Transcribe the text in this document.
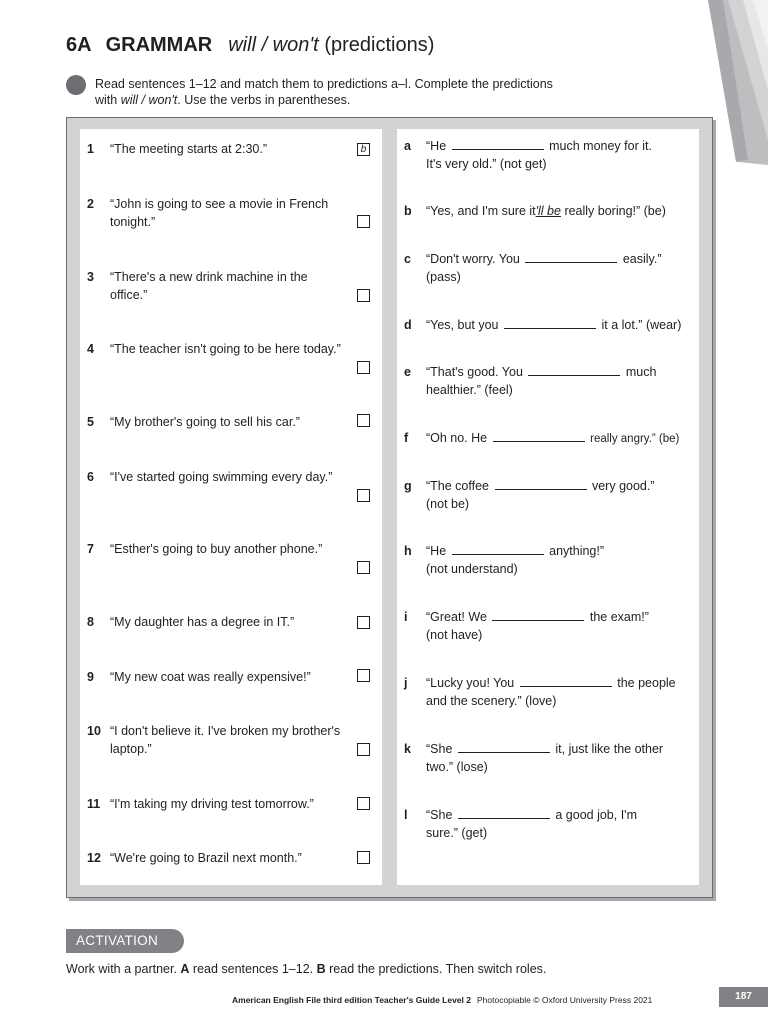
6A GRAMMAR will / won't (predictions)
Read sentences 1–12 and match them to predictions a–l. Complete the predictions
with will / won't. Use the verbs in parentheses.
1 “The meeting starts at 2:30.”	b
2 “John is going to see a movie in French tonight.”
3 “There's a new drink machine in the office.”
4 “The teacher isn't going to be here today.”
5 “My brother's going to sell his car.”
6 “I've started going swimming every day.”
7 “Esther's going to buy another phone.”
8 “My daughter has a degree in IT.”
9 “My new coat was really expensive!”
10 “I don't believe it. I've broken my brother's laptop.”
11 “I'm taking my driving test tomorrow.”
12 “We're going to Brazil next month.”
a “He	much money for it.
It's very old.” (not get)
b “Yes, and I'm sure it'll be really boring!” (be)
c “Don't worry. You	easily.”
(pass)
d “Yes, but you	it a lot.” (wear)
e “That's good. You	much
healthier.” (feel)
f “Oh no. He	really angry.” (be)
g “The coffee	very good.”
(not be)
h “He	anything!”
(not understand)
i “Great! We	the exam!”
(not have)
j “Lucky you! You	the people
and the scenery.” (love)
k “She	it, just like the other
two.” (lose)
l “She	a good job, I'm
sure.” (get)
ACTIVATION
Work with a partner. A read sentences 1–12. B read the predictions. Then switch roles.
American English File third edition Teacher's Guide Level 2 Photocopiable © Oxford University Press 2021	187
